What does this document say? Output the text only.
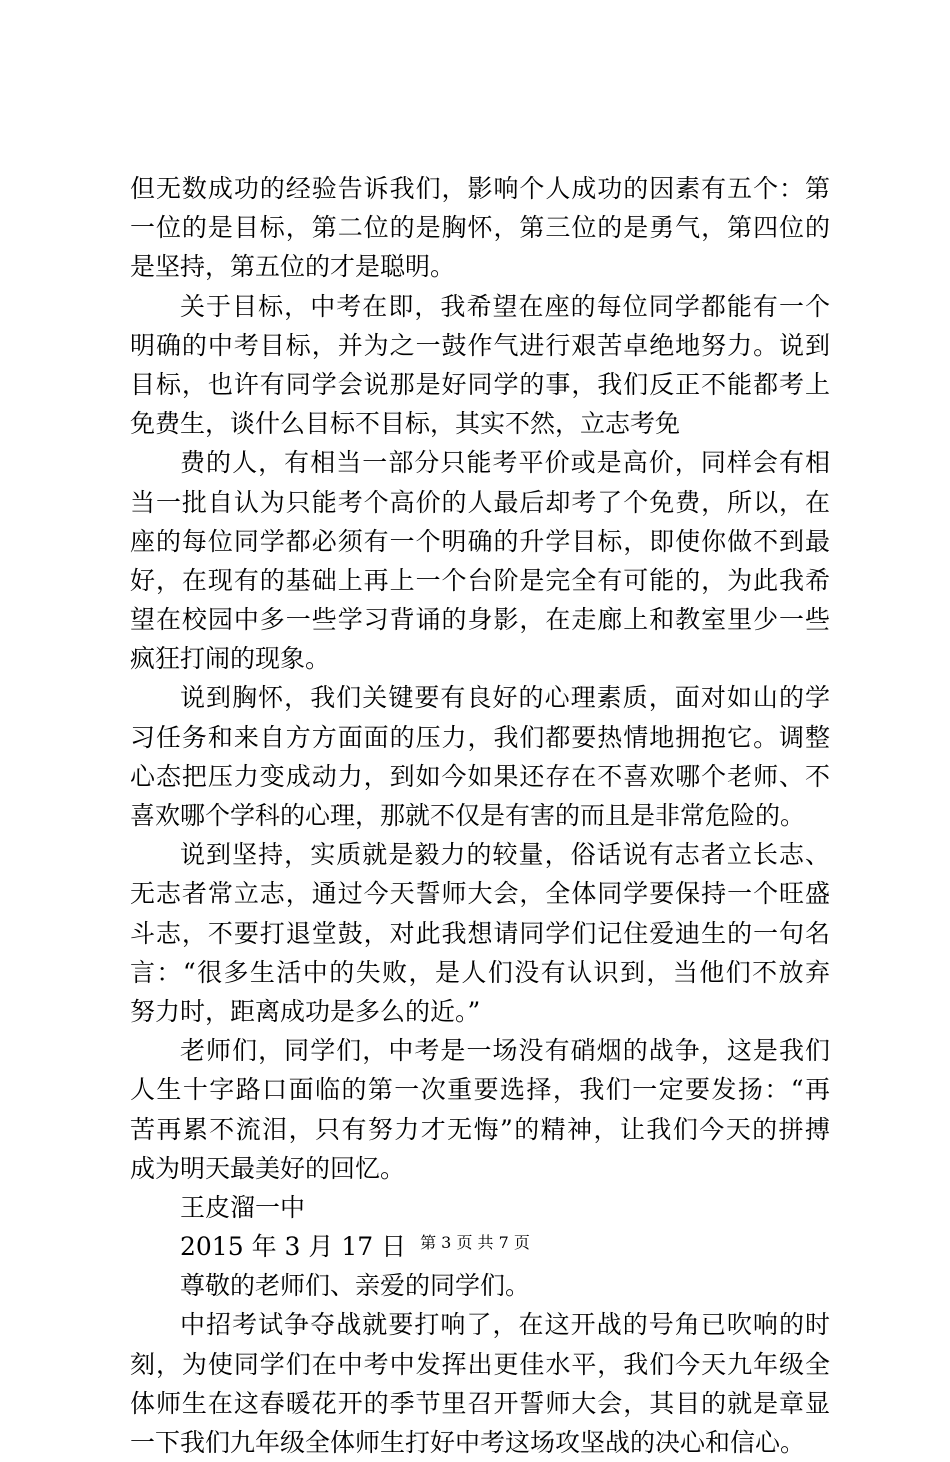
但无数成功的经验告诉我们，影响个人成功的因素有五个：第
一位的是目标，第二位的是胸怀，第三位的是勇气，第四位的
是坚持，第五位的才是聪明。
关于目标，中考在即，我希望在座的每位同学都能有一个
明确的中考目标，并为之一鼓作气进行艰苦卓绝地努力。说到
目标，也许有同学会说那是好同学的事，我们反正不能都考上
免费生，谈什么目标不目标，其实不然，立志考免
费的人，有相当一部分只能考平价或是高价，同样会有相
当一批自认为只能考个高价的人最后却考了个免费，所以，在
座的每位同学都必须有一个明确的升学目标，即使你做不到最
好，在现有的基础上再上一个台阶是完全有可能的，为此我希
望在校园中多一些学习背诵的身影，在走廊上和教室里少一些
疯狂打闹的现象。
说到胸怀，我们关键要有良好的心理素质，面对如山的学
习任务和来自方方面面的压力，我们都要热情地拥抱它。调整
心态把压力变成动力，到如今如果还存在不喜欢哪个老师、不
喜欢哪个学科的心理，那就不仅是有害的而且是非常危险的。
说到坚持，实质就是毅力的较量，俗话说有志者立长志、
无志者常立志，通过今天誓师大会，全体同学要保持一个旺盛
斗志，不要打退堂鼓，对此我想请同学们记住爱迪生的一句名
言：“很多生活中的失败，是人们没有认识到，当他们不放弃
努力时，距离成功是多么的近。”
老师们，同学们，中考是一场没有硝烟的战争，这是我们
人生十字路口面临的第一次重要选择，我们一定要发扬：“再
苦再累不流泪，只有努力才无悔”的精神，让我们今天的拼搏
成为明天最美好的回忆。
王皮溜一中
2015 年 3 月 17 日
尊敬的老师们、亲爱的同学们。
中招考试争夺战就要打响了，在这开战的号角已吹响的时
刻，为使同学们在中考中发挥出更佳水平，我们今天九年级全
体师生在这春暖花开的季节里召开誓师大会，其目的就是章显
一下我们九年级全体师生打好中考这场攻坚战的决心和信心。
第 3 页 共 7 页
